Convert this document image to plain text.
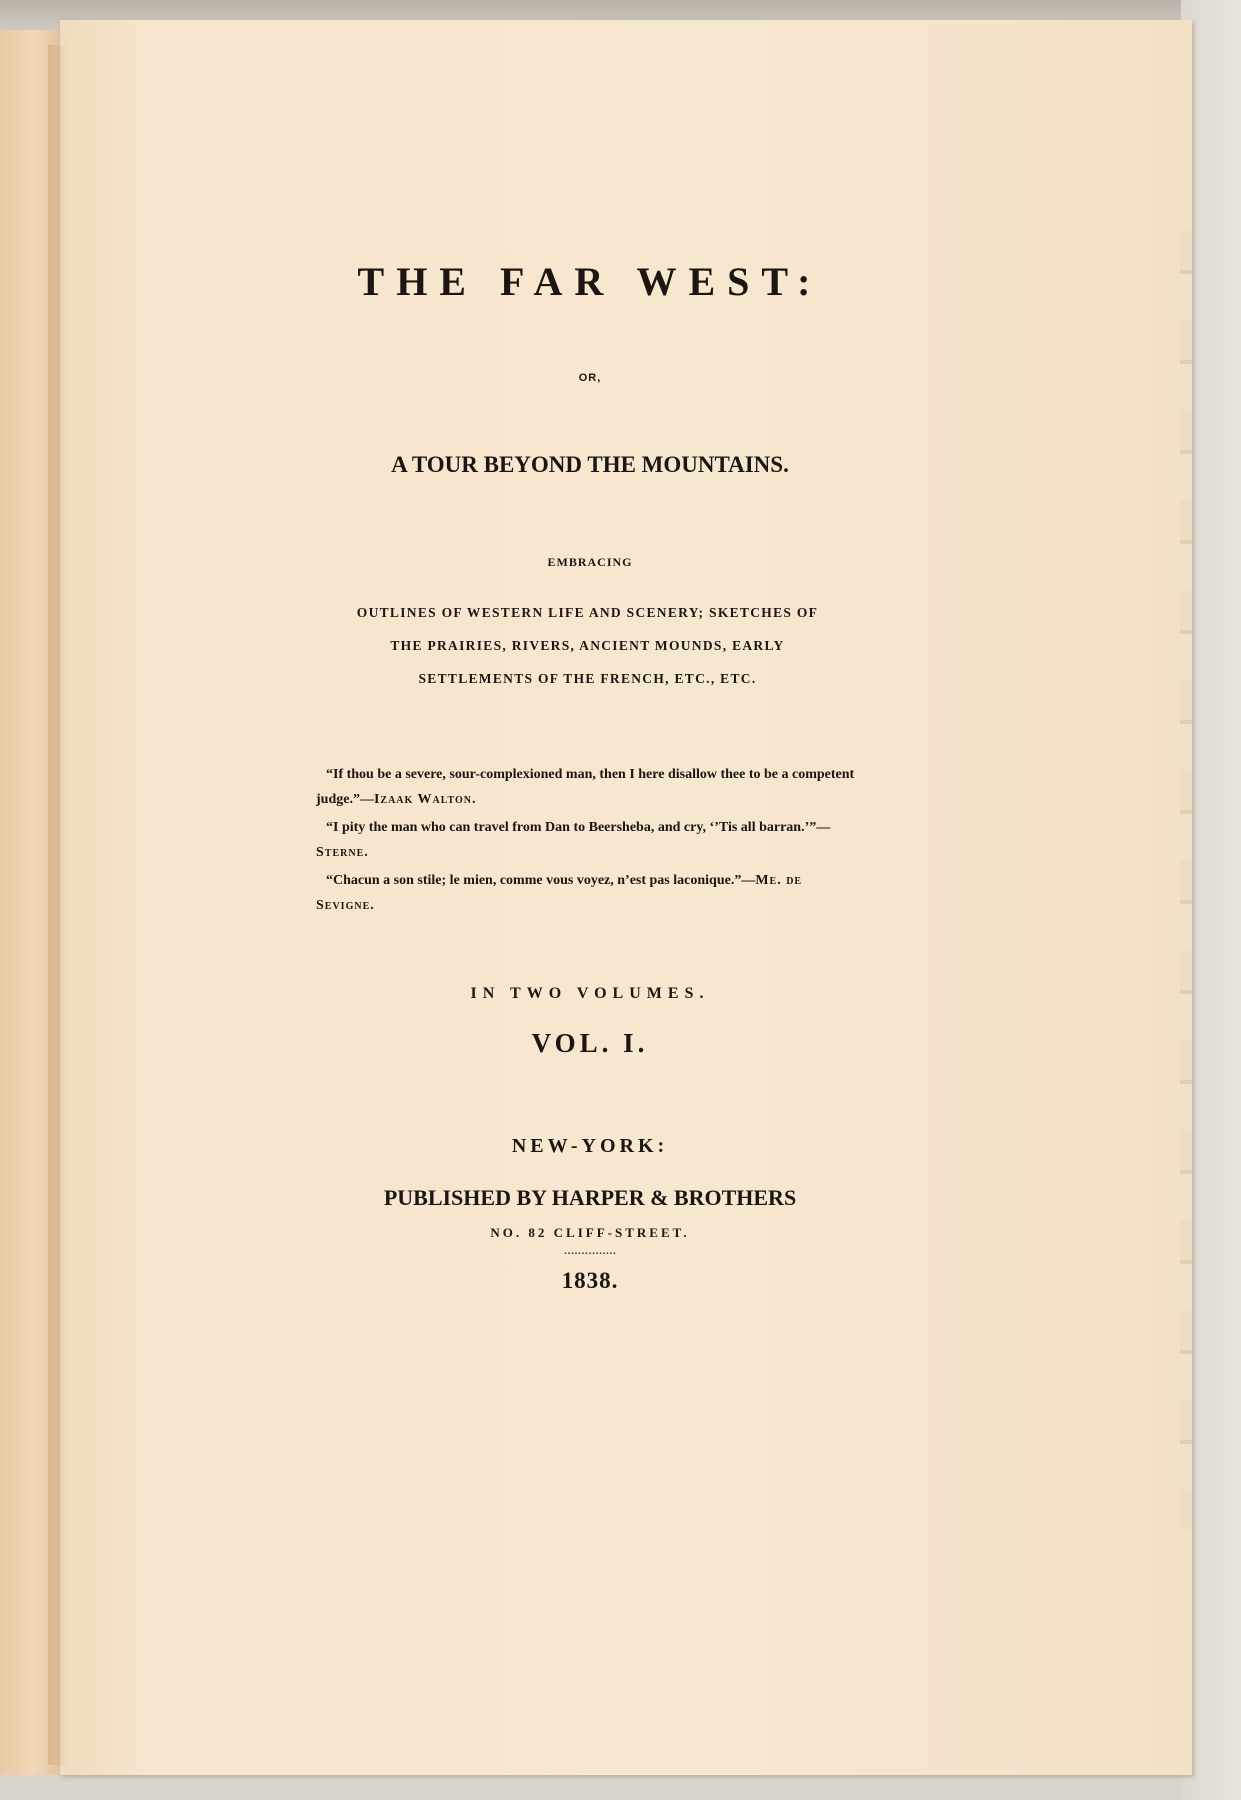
THE FAR WEST:
OR,
A TOUR BEYOND THE MOUNTAINS.
EMBRACING
OUTLINES OF WESTERN LIFE AND SCENERY; SKETCHES OF
THE PRAIRIES, RIVERS, ANCIENT MOUNDS, EARLY
SETTLEMENTS OF THE FRENCH, ETC., ETC.

“If thou be a severe, sour-complexioned man, then I here disallow thee to be a competent judge.”—Izaak Walton.

“I pity the man who can travel from Dan to Beersheba, and cry, ‘’Tis all barran.’”—Sterne.

“Chacun a son stile; le mien, comme vous voyez, n’est pas laconique.”—Me. de Sevigne.

IN TWO VOLUMES.
VOL. I.
NEW-YORK:
PUBLISHED BY HARPER & BROTHERS
NO. 82 CLIFF-STREET.
...............
1838.
